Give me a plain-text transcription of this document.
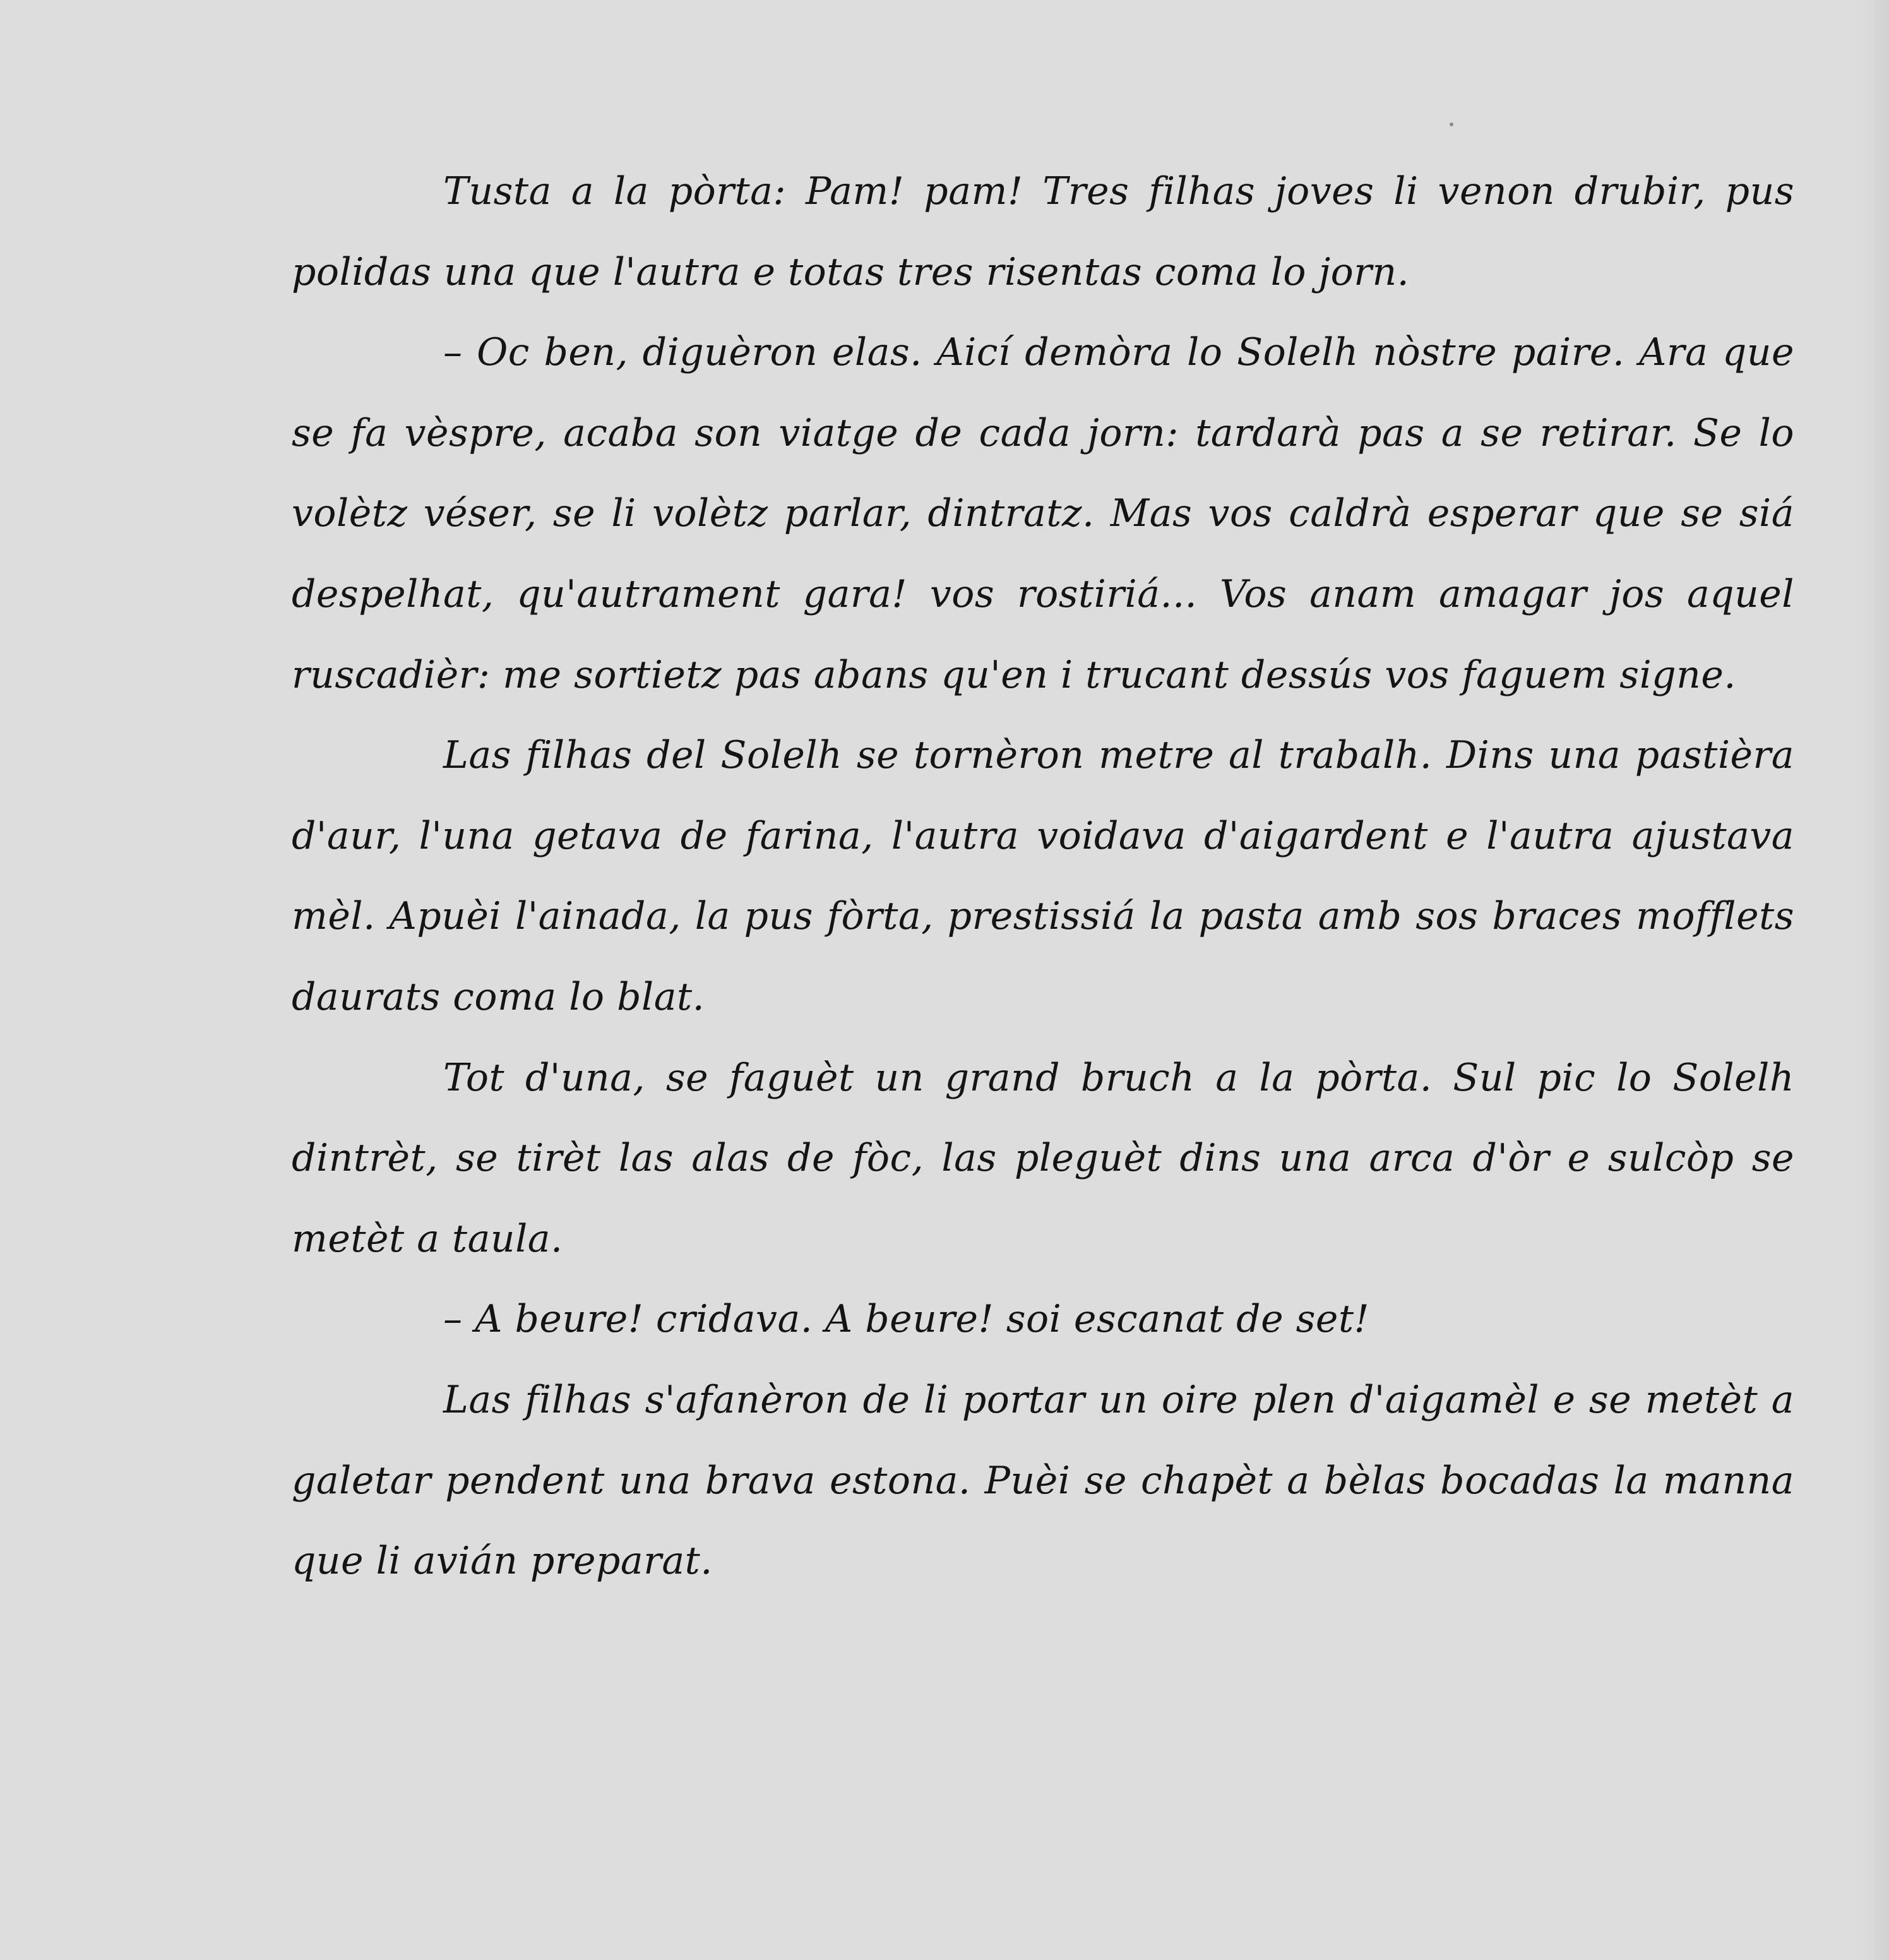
Tusta a la pòrta: Pam! pam! Tres filhas joves li venon drubir, pus polidas una que l'autra e totas tres risentas coma lo jorn.

– Oc ben, diguèron elas. Aicí demòra lo Solelh nòstre paire. Ara que se fa vèspre, acaba son viatge de cada jorn: tardarà pas a se retirar. Se lo volètz véser, se li volètz parlar, dintratz. Mas vos caldrà esperar que se siá despelhat, qu'autrament gara! vos rostiriá... Vos anam amagar jos aquel ruscadièr: me sortietz pas abans qu'en i trucant dessús vos faguem signe.

Las filhas del Solelh se tornèron metre al trabalh. Dins una pastièra d'aur, l'una getava de farina, l'autra voidava d'aigardent e l'autra ajustava mèl. Apuèi l'ainada, la pus fòrta, prestissiá la pasta amb sos braces mofflets daurats coma lo blat.

Tot d'una, se faguèt un grand bruch a la pòrta. Sul pic lo Solelh dintrèt, se tirèt las alas de fòc, las pleguèt dins una arca d'òr e sulcòp se metèt a taula.

– A beure! cridava. A beure! soi escanat de set!

Las filhas s'afanèron de li portar un oire plen d'aigamèl e se metèt a galetar pendent una brava estona. Puèi se chapèt a bèlas bocadas la manna que li avián preparat.
